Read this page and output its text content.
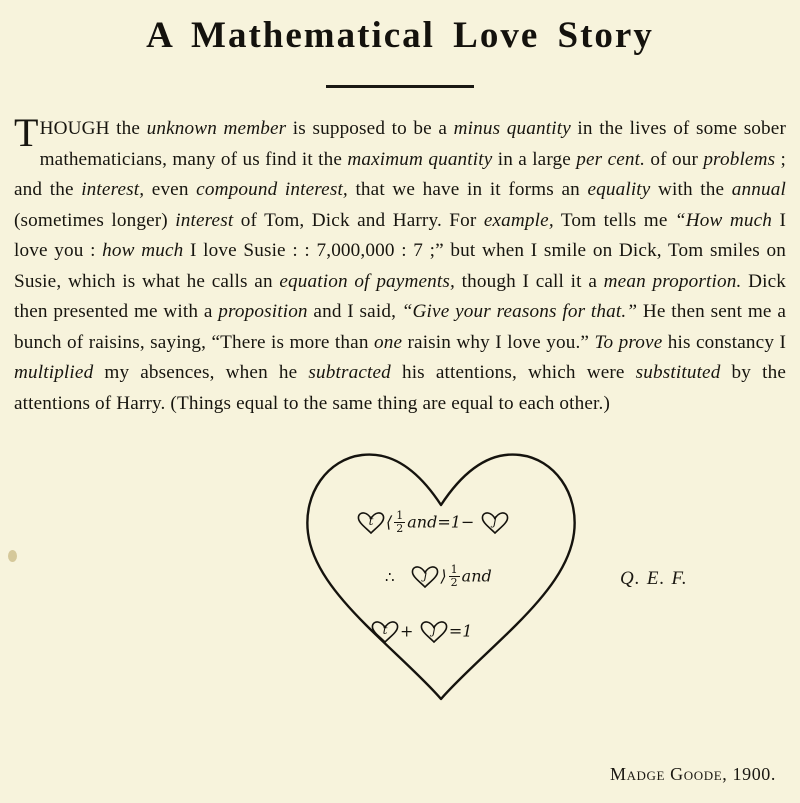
A Mathematical Love Story

THOUGH the unknown member is supposed to be a minus quantity in the lives of some sober mathematicians, many of us find it the maximum quantity in a large per cent. of our problems ; and the interest, even compound interest, that we have in it forms an equality with the annual (sometimes longer) interest of Tom, Dick and Harry. For example, Tom tells me “How much I love you : how much I love Susie : : 7,000,000 : 7 ;” but when I smile on Dick, Tom smiles on Susie, which is what he calls an equation of payments, though I call it a mean proportion. Dick then presented me with a proposition and I said, “Give your reasons for that.” He then sent me a bunch of raisins, saying, “There is more than one raisin why I love you.” To prove his constancy I multiplied my absences, when he subtracted his attentions, which were substituted by the attentions of Harry. (Things equal to the same thing are equal to each other.)

t ⟨ $\frac{1}{2} and=1-$	j
∴	j ⟩ $\frac{1}{2}$ and
t +	j =1
Q. E. F.
Madge Goode, 1900.
